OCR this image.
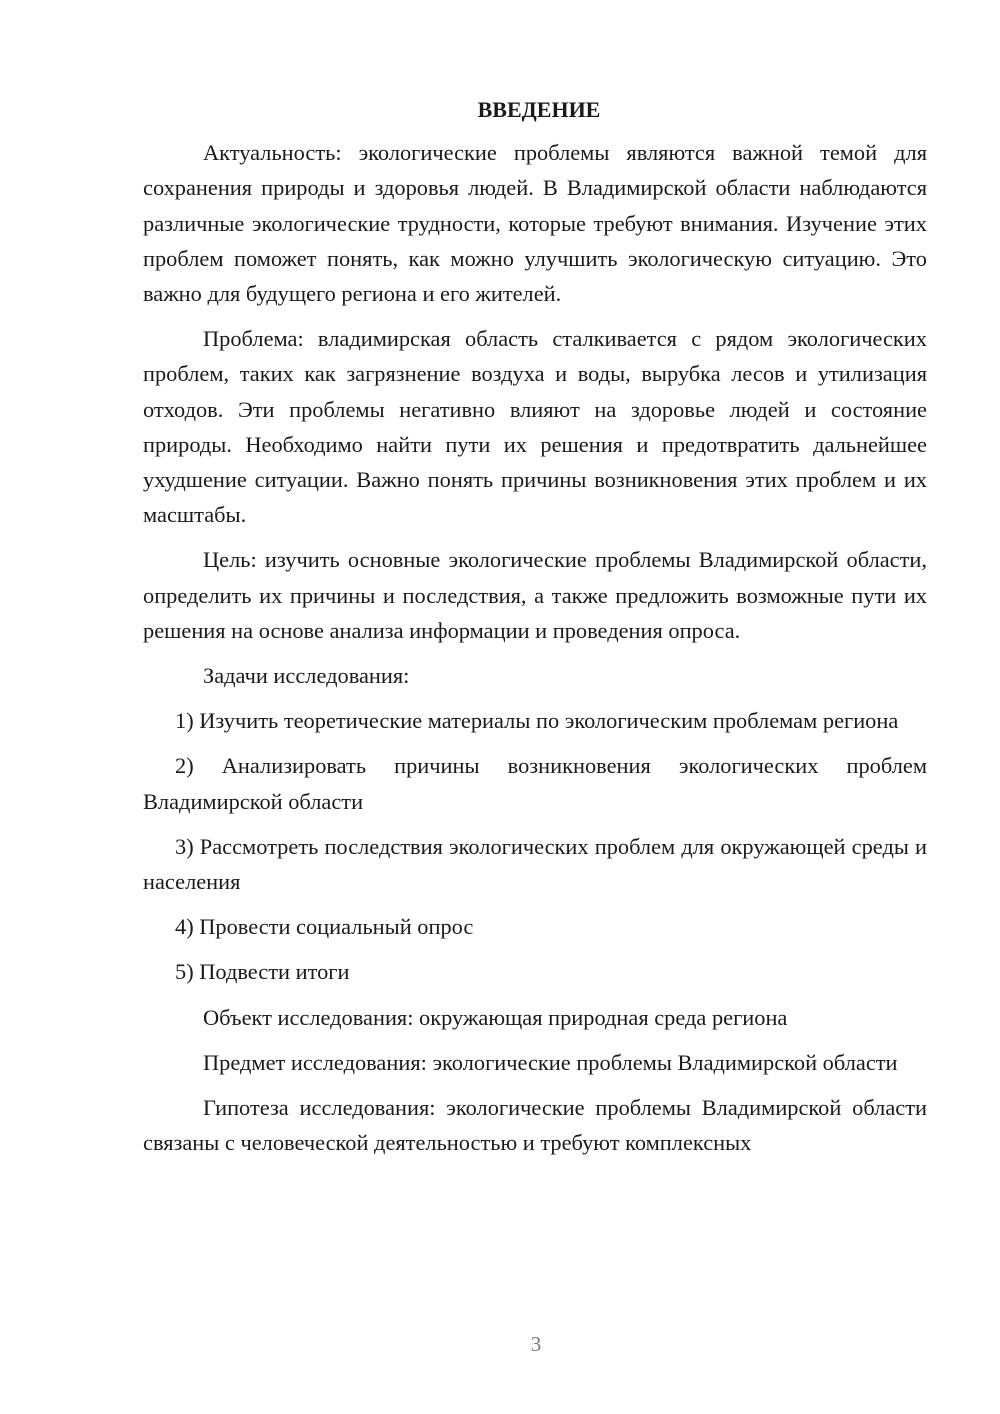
ВВЕДЕНИЕ

Актуальность: экологические проблемы являются важной темой для сохранения природы и здоровья людей. В Владимирской области наблюдаются различные экологические трудности, которые требуют внимания. Изучение этих проблем поможет понять, как можно улучшить экологическую ситуацию. Это важно для будущего региона и его жителей.

Проблема: владимирская область сталкивается с рядом экологических проблем, таких как загрязнение воздуха и воды, вырубка лесов и утилизация отходов. Эти проблемы негативно влияют на здоровье людей и состояние природы. Необходимо найти пути их решения и предотвратить дальнейшее ухудшение ситуации. Важно понять причины возникновения этих проблем и их масштабы.

Цель: изучить основные экологические проблемы Владимирской области, определить их причины и последствия, а также предложить возможные пути их решения на основе анализа информации и проведения опроса.

Задачи исследования:

1) Изучить теоретические материалы по экологическим проблемам региона

2) Анализировать причины возникновения экологических проблем Владимирской области

3) Рассмотреть последствия экологических проблем для окружающей среды и населения

4) Провести социальный опрос

5) Подвести итоги

Объект исследования: окружающая природная среда региона

Предмет исследования: экологические проблемы Владимирской области

Гипотеза исследования: экологические проблемы Владимирской области связаны с человеческой деятельностью и требуют комплексных

3
